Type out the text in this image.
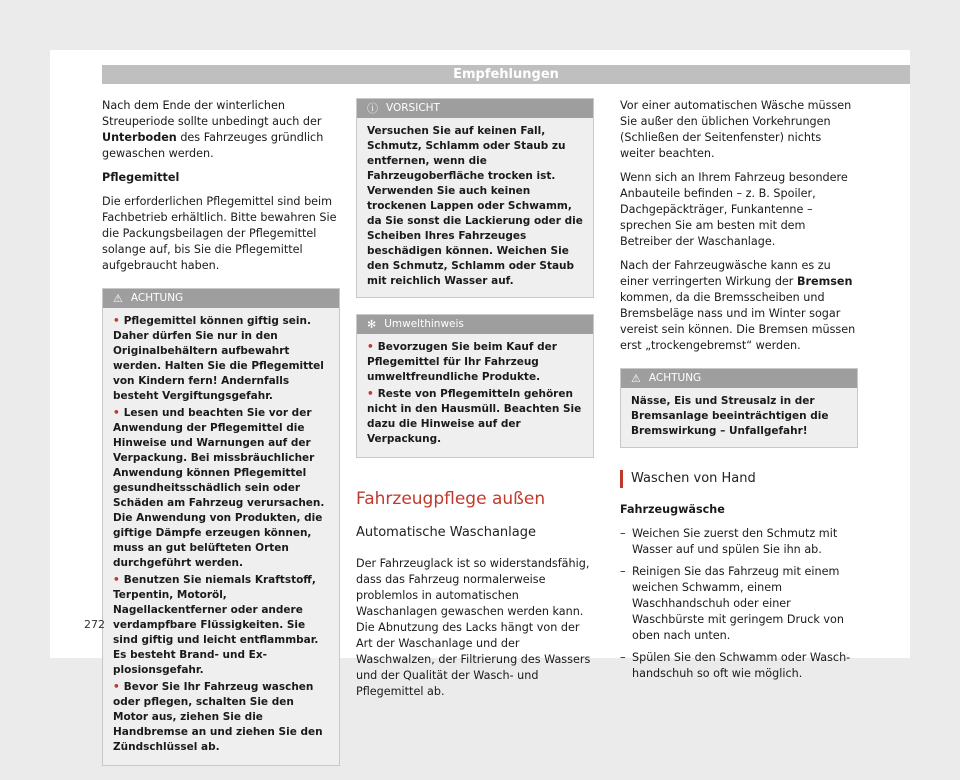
Empfehlungen

Nach dem Ende der winterlichen Streuperiode sollte unbedingt auch der Unterboden des Fahrzeuges gründlich gewaschen werden.

Pflegemittel

Die erforderlichen Pflegemittel sind beim Fachbetrieb erhältlich. Bitte bewahren Sie die Packungsbeilagen der Pflegemittel solange auf, bis Sie die Pflegemittel aufgebraucht haben.

⚠ ACHTUNG
• Pflegemittel können giftig sein. Daher dürfen Sie nur in den Originalbehältern aufbewahrt werden. Halten Sie die Pflegemittel von Kindern fern! Andernfalls besteht Vergiftungsgefahr.
• Lesen und beachten Sie vor der Anwendung der Pflegemittel die Hinweise und Warnungen auf der Verpackung. Bei missbräuchlicher Anwendung können Pflegemittel gesundheitsschädlich sein oder Schäden am Fahrzeug verursachen. Die Anwendung von Produkten, die giftige Dämpfe erzeugen können, muss an gut belüfteten Orten durchgeführt werden.
• Benutzen Sie niemals Kraftstoff, Terpentin, Motoröl, Nagellackentferner oder andere verdampfbare Flüssigkeiten. Sie sind giftig und leicht entflammbar. Es besteht Brand- und Explosionsgefahr.
• Bevor Sie Ihr Fahrzeug waschen oder pflegen, schalten Sie den Motor aus, ziehen Sie die Handbremse an und ziehen Sie den Zündschlüssel ab.
ⓘ VORSICHT
Versuchen Sie auf keinen Fall, Schmutz, Schlamm oder Staub zu entfernen, wenn die Fahrzeugoberfläche trocken ist. Verwenden Sie auch keinen trockenen Lappen oder Schwamm, da Sie sonst die Lackierung oder die Scheiben Ihres Fahrzeuges beschädigen können. Weichen Sie den Schmutz, Schlamm oder Staub mit reichlich Wasser auf.
✻ Umwelthinweis
• Bevorzugen Sie beim Kauf der Pflegemittel für Ihr Fahrzeug umweltfreundliche Produkte.
• Reste von Pflegemitteln gehören nicht in den Hausmüll. Beachten Sie dazu die Hinweise auf der Verpackung.
Fahrzeugpflege außen

Automatische Waschanlage

Der Fahrzeuglack ist so widerstandsfähig, dass das Fahrzeug normalerweise problemlos in automatischen Waschanlagen gewaschen werden kann. Die Abnutzung des Lacks hängt von der Art der Waschanlage und der Waschwalzen, der Filtrierung des Wassers und der Qualität der Wasch- und Pflegemittel ab.

Vor einer automatischen Wäsche müssen Sie außer den üblichen Vorkehrungen (Schließen der Seitenfenster) nichts weiter beachten.

Wenn sich an Ihrem Fahrzeug besondere Anbauteile befinden – z. B. Spoiler, Dachgepäckträger, Funkantenne – sprechen Sie am besten mit dem Betreiber der Waschanlage.

Nach der Fahrzeugwäsche kann es zu einer verringerten Wirkung der Bremsen kommen, da die Bremsscheiben und Bremsbeläge nass und im Winter sogar vereist sein können. Die Bremsen müssen erst „trockengebremst“ werden.

⚠ ACHTUNG
Nässe, Eis und Streusalz in der Bremsanlage beeinträchtigen die Bremswirkung – Unfallgefahr!

Waschen von Hand

Fahrzeugwäsche

– Weichen Sie zuerst den Schmutz mit Wasser auf und spülen Sie ihn ab.
– Reinigen Sie das Fahrzeug mit einem weichen Schwamm, einem Waschhandschuh oder einer Waschbürste mit geringem Druck von oben nach unten.
– Spülen Sie den Schwamm oder Waschhandschuh so oft wie möglich.
272
